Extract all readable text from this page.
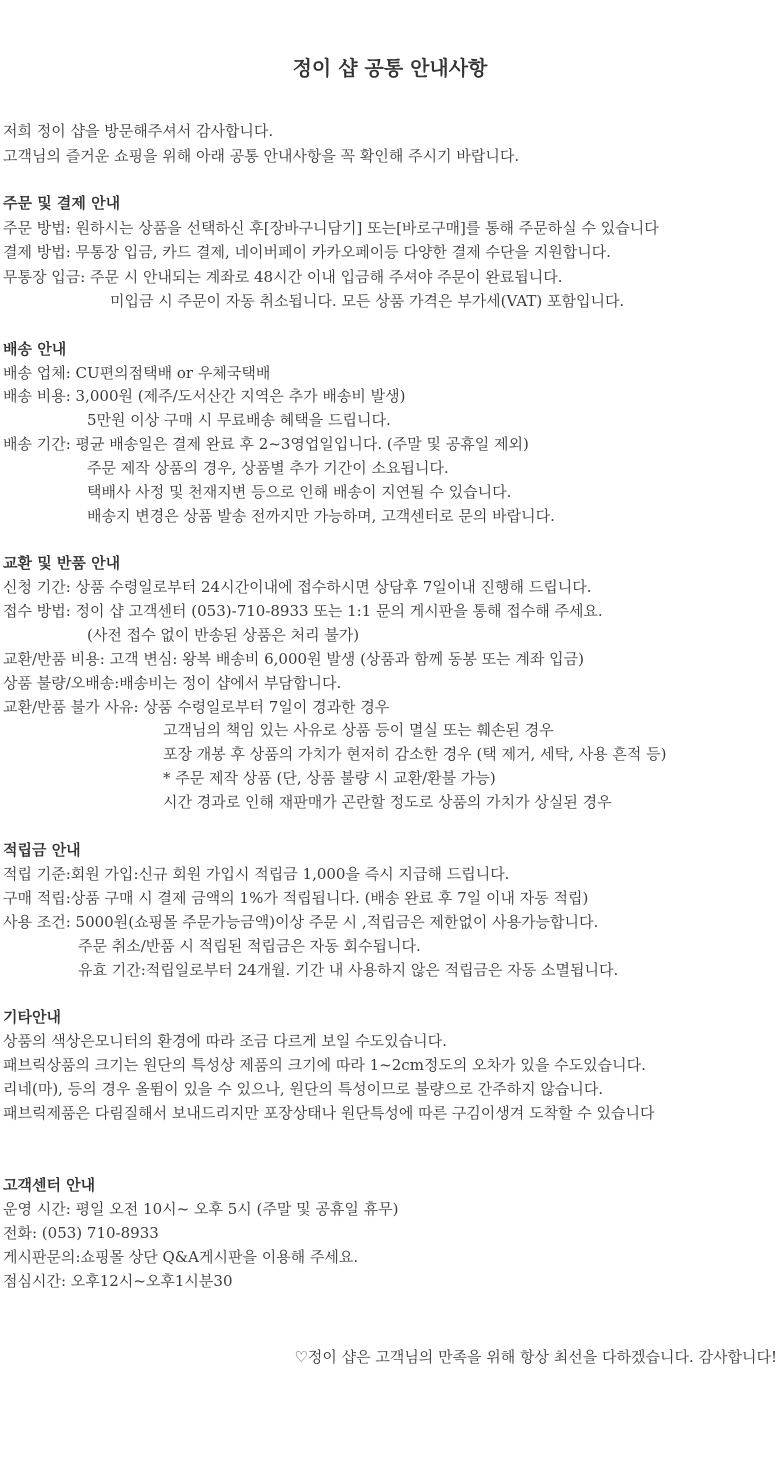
정이 샵 공통 안내사항
저희 정이 샵을 방문해주셔서 감사합니다.
고객님의 즐거운 쇼핑을 위해 아래 공통 안내사항을 꼭 확인해 주시기 바랍니다.
주문 및 결제 안내
주문 방법: 원하시는 상품을 선택하신 후[장바구니담기] 또는[바로구매]를 통해 주문하실 수 있습니다
결제 방법: 무통장 입금, 카드 결제, 네이버페이 카카오페이등 다양한 결제 수단을 지원합니다.
무통장 입금: 주문 시 안내되는 계좌로 48시간 이내 입금해 주셔야 주문이 완료됩니다.
미입금 시 주문이 자동 취소됩니다. 모든 상품 가격은 부가세(VAT) 포함입니다.
배송 안내
배송 업체: CU편의점택배 or 우체국택배
배송 비용: 3,000원 (제주/도서산간 지역은 추가 배송비 발생)
5만원 이상 구매 시 무료배송 혜택을 드립니다.
배송 기간: 평균 배송일은 결제 완료 후 2~3영업일입니다. (주말 및 공휴일 제외)
주문 제작 상품의 경우, 상품별 추가 기간이 소요됩니다.
택배사 사정 및 천재지변 등으로 인해 배송이 지연될 수 있습니다.
배송지 변경은 상품 발송 전까지만 가능하며, 고객센터로 문의 바랍니다.
교환 및 반품 안내
신청 기간: 상품 수령일로부터 24시간이내에 접수하시면 상담후 7일이내 진행해 드립니다.
접수 방법: 정이 샵 고객센터 (053)-710-8933 또는 1:1 문의 게시판을 통해 접수해 주세요.
(사전 접수 없이 반송된 상품은 처리 불가)
교환/반품 비용: 고객 변심: 왕복 배송비 6,000원 발생 (상품과 함께 동봉 또는 계좌 입금)
상품 불량/오배송:배송비는 정이 샵에서 부담합니다.
교환/반품 불가 사유: 상품 수령일로부터 7일이 경과한 경우
고객님의 책임 있는 사유로 상품 등이 멸실 또는 훼손된 경우
포장 개봉 후 상품의 가치가 현저히 감소한 경우 (택 제거, 세탁, 사용 흔적 등)
* 주문 제작 상품 (단, 상품 불량 시 교환/환불 가능)
시간 경과로 인해 재판매가 곤란할 정도로 상품의 가치가 상실된 경우
적립금 안내
적립 기준:회원 가입:신규 회원 가입시 적립금 1,000을 즉시 지급해 드립니다.
구매 적립:상품 구매 시 결제 금액의 1%가 적립됩니다. (배송 완료 후 7일 이내 자동 적립)
사용 조건: 5000원(쇼핑몰 주문가능금액)이상 주문 시 ,적립금은 제한없이 사용가능합니다.
주문 취소/반품 시 적립된 적립금은 자동 회수됩니다.
유효 기간:적립일로부터 24개월. 기간 내 사용하지 않은 적립금은 자동 소멸됩니다.
기타안내
상품의 색상은모니터의 환경에 따라 조금 다르게 보일 수도있습니다.
패브릭상품의 크기는 원단의 특성상 제품의 크기에 따라 1~2cm정도의 오차가 있을 수도있습니다.
리네(마), 등의 경우 올뜀이 있을 수 있으나, 원단의 특성이므로 불량으로 간주하지 않습니다.
패브릭제품은 다림질해서 보내드리지만 포장상태나 원단특성에 따른 구김이생겨 도착할 수 있습니다
고객센터 안내
운영 시간: 평일 오전 10시~ 오후 5시 (주말 및 공휴일 휴무)
전화: (053) 710-8933
게시판문의:쇼핑몰 상단 Q&A게시판을 이용해 주세요.
점심시간: 오후12시~오후1시분30
♡정이 샵은 고객님의 만족을 위해 항상 최선을 다하겠습니다. 감사합니다!
